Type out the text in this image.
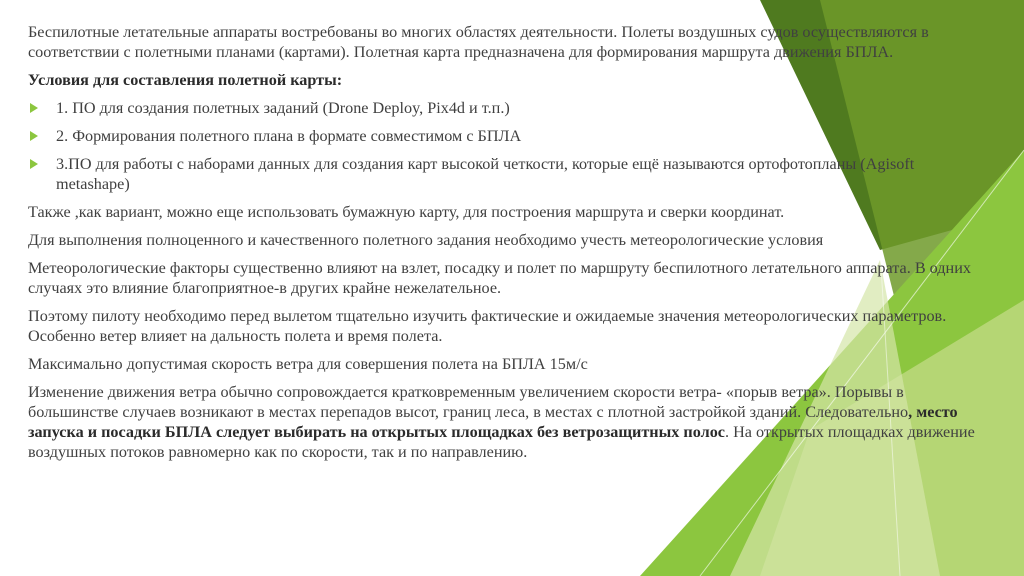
Беспилотные летательные аппараты востребованы во многих областях деятельности. Полеты воздушных судов осуществляются в соответствии с полетными планами (картами). Полетная карта предназначена для формирования маршрута движения БПЛА.

Условия для составления полетной карты:

1. ПО для создания полетных заданий (Drone Deploy, Pix4d и т.п.)
2. Формирования полетного плана в формате совместимом с БПЛА
3.ПО для работы с наборами данных для создания карт высокой четкости, которые ещё называются ортофотопланы (Agisoft metashape)

Также ,как вариант, можно еще использовать бумажную карту, для построения маршрута и сверки координат.

Для выполнения полноценного и качественного полетного задания необходимо учесть метеорологические условия

Метеорологические факторы существенно влияют на взлет, посадку и полет по маршруту беспилотного летательного аппарата. В одних случаях это влияние благоприятное-в других крайне нежелательное.

Поэтому пилоту необходимо перед вылетом тщательно изучить фактические и ожидаемые значения метеорологических параметров. Особенно ветер влияет на дальность полета и время полета.

Максимально допустимая скорость ветра для совершения полета на БПЛА 15м/с

Изменение движения ветра обычно сопровождается кратковременным увеличением скорости ветра- «порыв ветра». Порывы в большинстве случаев возникают в местах перепадов высот, границ леса, в местах с плотной застройкой зданий. Следовательно, место запуска и посадки БПЛА следует выбирать на открытых площадках без ветрозащитных полос. На открытых площадках движение воздушных потоков равномерно как по скорости, так и по направлению.
